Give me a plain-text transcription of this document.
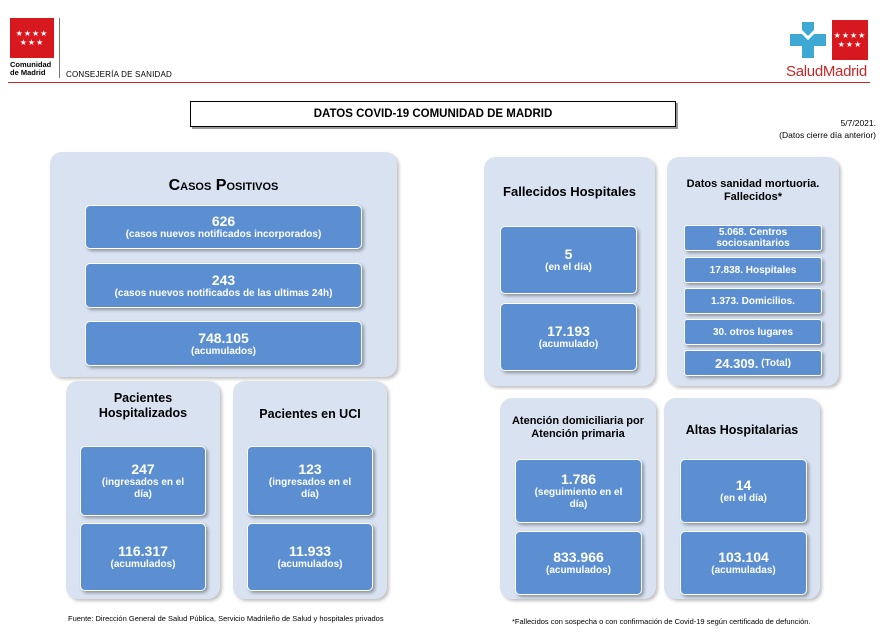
★★★★
★★★
Comunidad
de Madrid	CONSEJERÍA DE SANIDAD
★★★★
★★★
SaludMadrid
DATOS COVID-19 COMUNIDAD DE MADRID
5/7/2021.
(Datos cierre día anterior)
Casos Positivos
626
(casos nuevos notificados incorporados)
243
(casos nuevos notificados de las ultimas 24h)
748.105
(acumulados)
Pacientes Hospitalizados
247
(ingresados en el día)
116.317
(acumulados)
Pacientes en UCI
123
(ingresados en el día)
11.933
(acumulados)
Fallecidos Hospitales
5
(en el día)
17.193
(acumulado)
Datos sanidad mortuoria. Fallecidos*
5.068. Centros sociosanitarios
17.838. Hospitales
1.373. Domicilios.
30. otros lugares
24.309.
(Total)
Atención domiciliaria por Atención primaria
1.786
(seguimiento en el día)
833.966
(acumulados)
Altas Hospitalarias
14
(en el día)
103.104
(acumuladas)
Fuente: Dirección General de Salud Pública, Servicio Madrileño de Salud y hospitales privados	*Fallecidos con sospecha o con confirmación de Covid-19 según certificado de defunción.
